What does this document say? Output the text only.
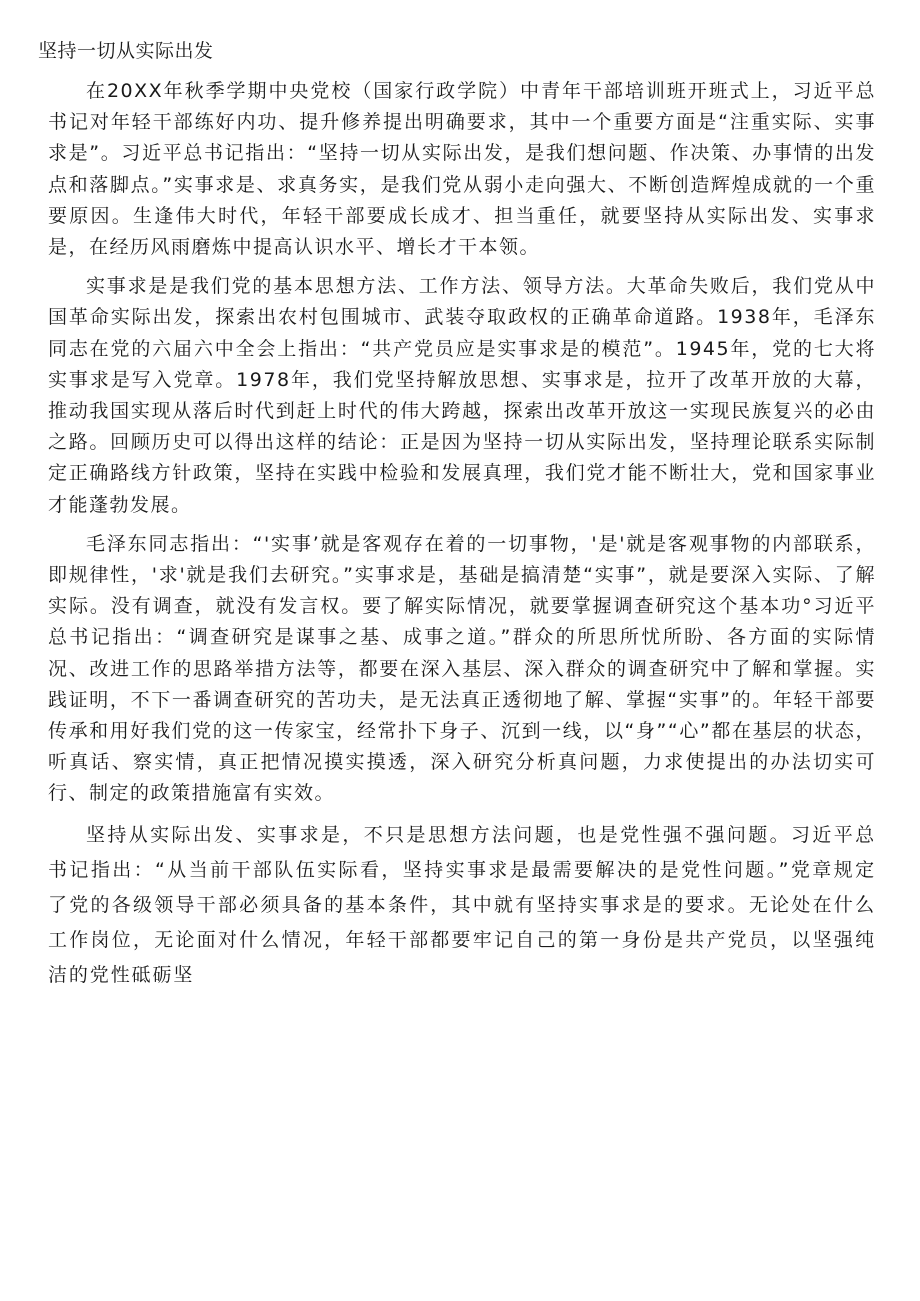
坚持一切从实际出发

在20XX年秋季学期中央党校（国家行政学院）中青年干部培训班开班式上，习近平总书记对年轻干部练好内功、提升修养提出明确要求，其中一个重要方面是“注重实际、实事求是”。习近平总书记指出：“坚持一切从实际出发，是我们想问题、作决策、办事情的出发点和落脚点。”实事求是、求真务实，是我们党从弱小走向强大、不断创造辉煌成就的一个重要原因。生逢伟大时代，年轻干部要成长成才、担当重任，就要坚持从实际出发、实事求是，在经历风雨磨炼中提高认识水平、增长才干本领。

实事求是是我们党的基本思想方法、工作方法、领导方法。大革命失败后，我们党从中国革命实际出发，探索出农村包围城市、武装夺取政权的正确革命道路。1938年，毛泽东同志在党的六届六中全会上指出：“共产党员应是实事求是的模范”。1945年，党的七大将实事求是写入党章。1978年，我们党坚持解放思想、实事求是，拉开了改革开放的大幕，推动我国实现从落后时代到赶上时代的伟大跨越，探索出改革开放这一实现民族复兴的必由之路。回顾历史可以得出这样的结论：正是因为坚持一切从实际出发，坚持理论联系实际制定正确路线方针政策，坚持在实践中检验和发展真理，我们党才能不断壮大，党和国家事业才能蓬勃发展。

毛泽东同志指出：“'实事’就是客观存在着的一切事物，'是'就是客观事物的内部联系，即规律性，'求'就是我们去研究。”实事求是，基础是搞清楚“实事”，就是要深入实际、了解实际。没有调查，就没有发言权。要了解实际情况，就要掌握调查研究这个基本功°习近平总书记指出：“调查研究是谋事之基、成事之道。”群众的所思所忧所盼、各方面的实际情况、改进工作的思路举措方法等，都要在深入基层、深入群众的调查研究中了解和掌握。实践证明，不下一番调查研究的苦功夫，是无法真正透彻地了解、掌握“实事”的。年轻干部要传承和用好我们党的这一传家宝，经常扑下身子、沉到一线，以“身”“心”都在基层的状态，听真话、察实情，真正把情况摸实摸透，深入研究分析真问题，力求使提出的办法切实可行、制定的政策措施富有实效。

坚持从实际出发、实事求是，不只是思想方法问题，也是党性强不强问题。习近平总书记指出：“从当前干部队伍实际看，坚持实事求是最需要解决的是党性问题。”党章规定了党的各级领导干部必须具备的基本条件，其中就有坚持实事求是的要求。无论处在什么工作岗位，无论面对什么情况，年轻干部都要牢记自己的第一身份是共产党员，以坚强纯洁的党性砥砺坚
